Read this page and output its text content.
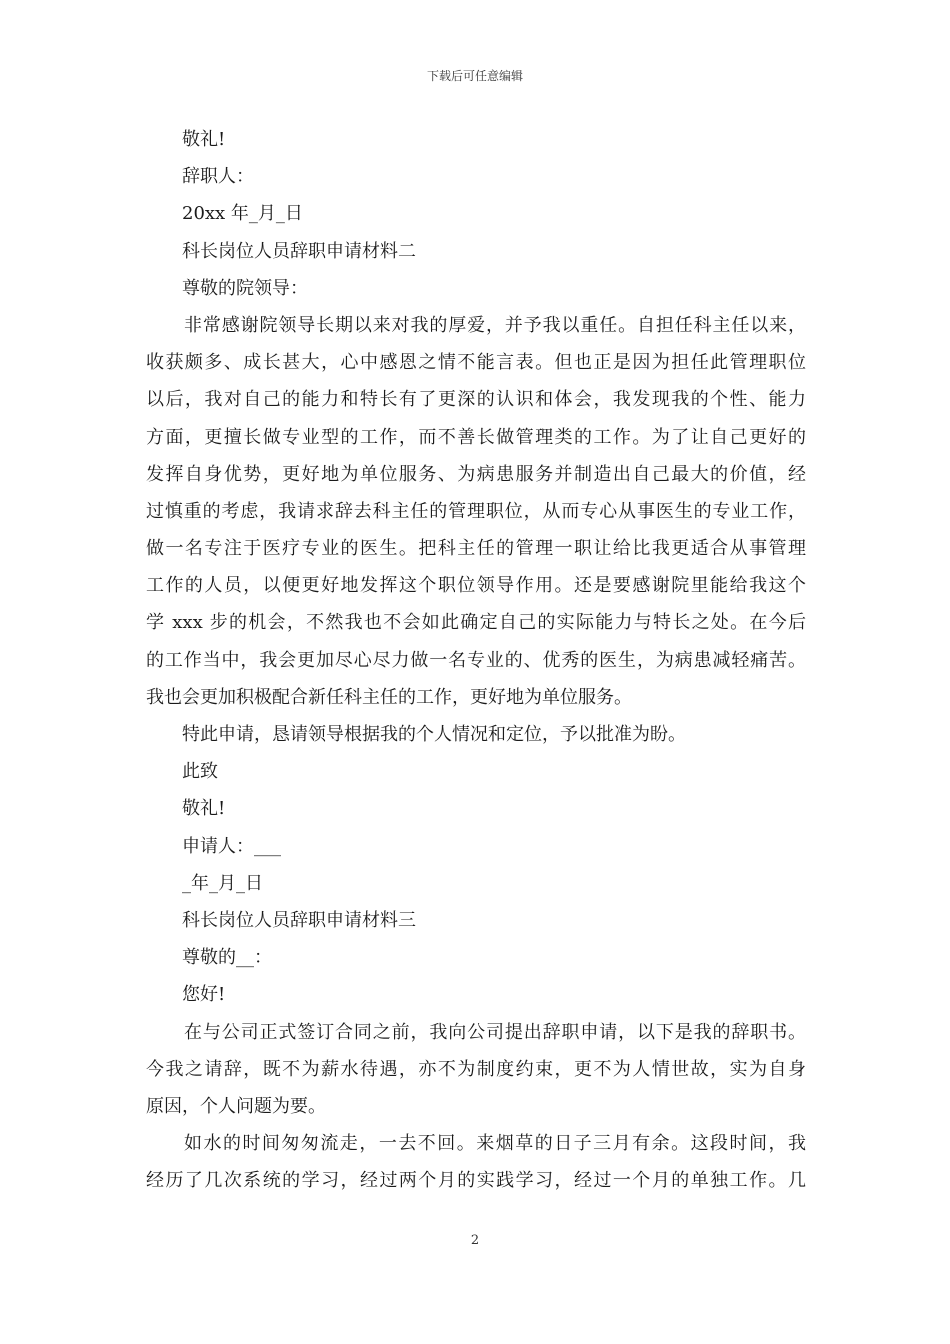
下载后可任意编辑
敬礼!
辞职人：
20xx 年_月_日
科长岗位人员辞职申请材料二
尊敬的院领导：
非常感谢院领导长期以来对我的厚爱，并予我以重任。自担任科主任以来，
收获颇多、成长甚大，心中感恩之情不能言表。但也正是因为担任此管理职位
以后，我对自己的能力和特长有了更深的认识和体会，我发现我的个性、能力
方面，更擅长做专业型的工作，而不善长做管理类的工作。为了让自己更好的
发挥自身优势，更好地为单位服务、为病患服务并制造出自己最大的价值，经
过慎重的考虑，我请求辞去科主任的管理职位，从而专心从事医生的专业工作，
做一名专注于医疗专业的医生。把科主任的管理一职让给比我更适合从事管理
工作的人员，以便更好地发挥这个职位领导作用。还是要感谢院里能给我这个
学 xxx 步的机会，不然我也不会如此确定自己的实际能力与特长之处。在今后
的工作当中，我会更加尽心尽力做一名专业的、优秀的医生，为病患减轻痛苦。
我也会更加积极配合新任科主任的工作，更好地为单位服务。
特此申请，恳请领导根据我的个人情况和定位，予以批准为盼。
此致
敬礼!
申请人：___
_年_月_日
科长岗位人员辞职申请材料三
尊敬的__：
您好!
在与公司正式签订合同之前，我向公司提出辞职申请，以下是我的辞职书。
今我之请辞，既不为薪水待遇，亦不为制度约束，更不为人情世故，实为自身
原因，个人问题为要。
如水的时间匆匆流走，一去不回。来烟草的日子三月有余。这段时间，我
经历了几次系统的学习，经过两个月的实践学习，经过一个月的单独工作。几
2
